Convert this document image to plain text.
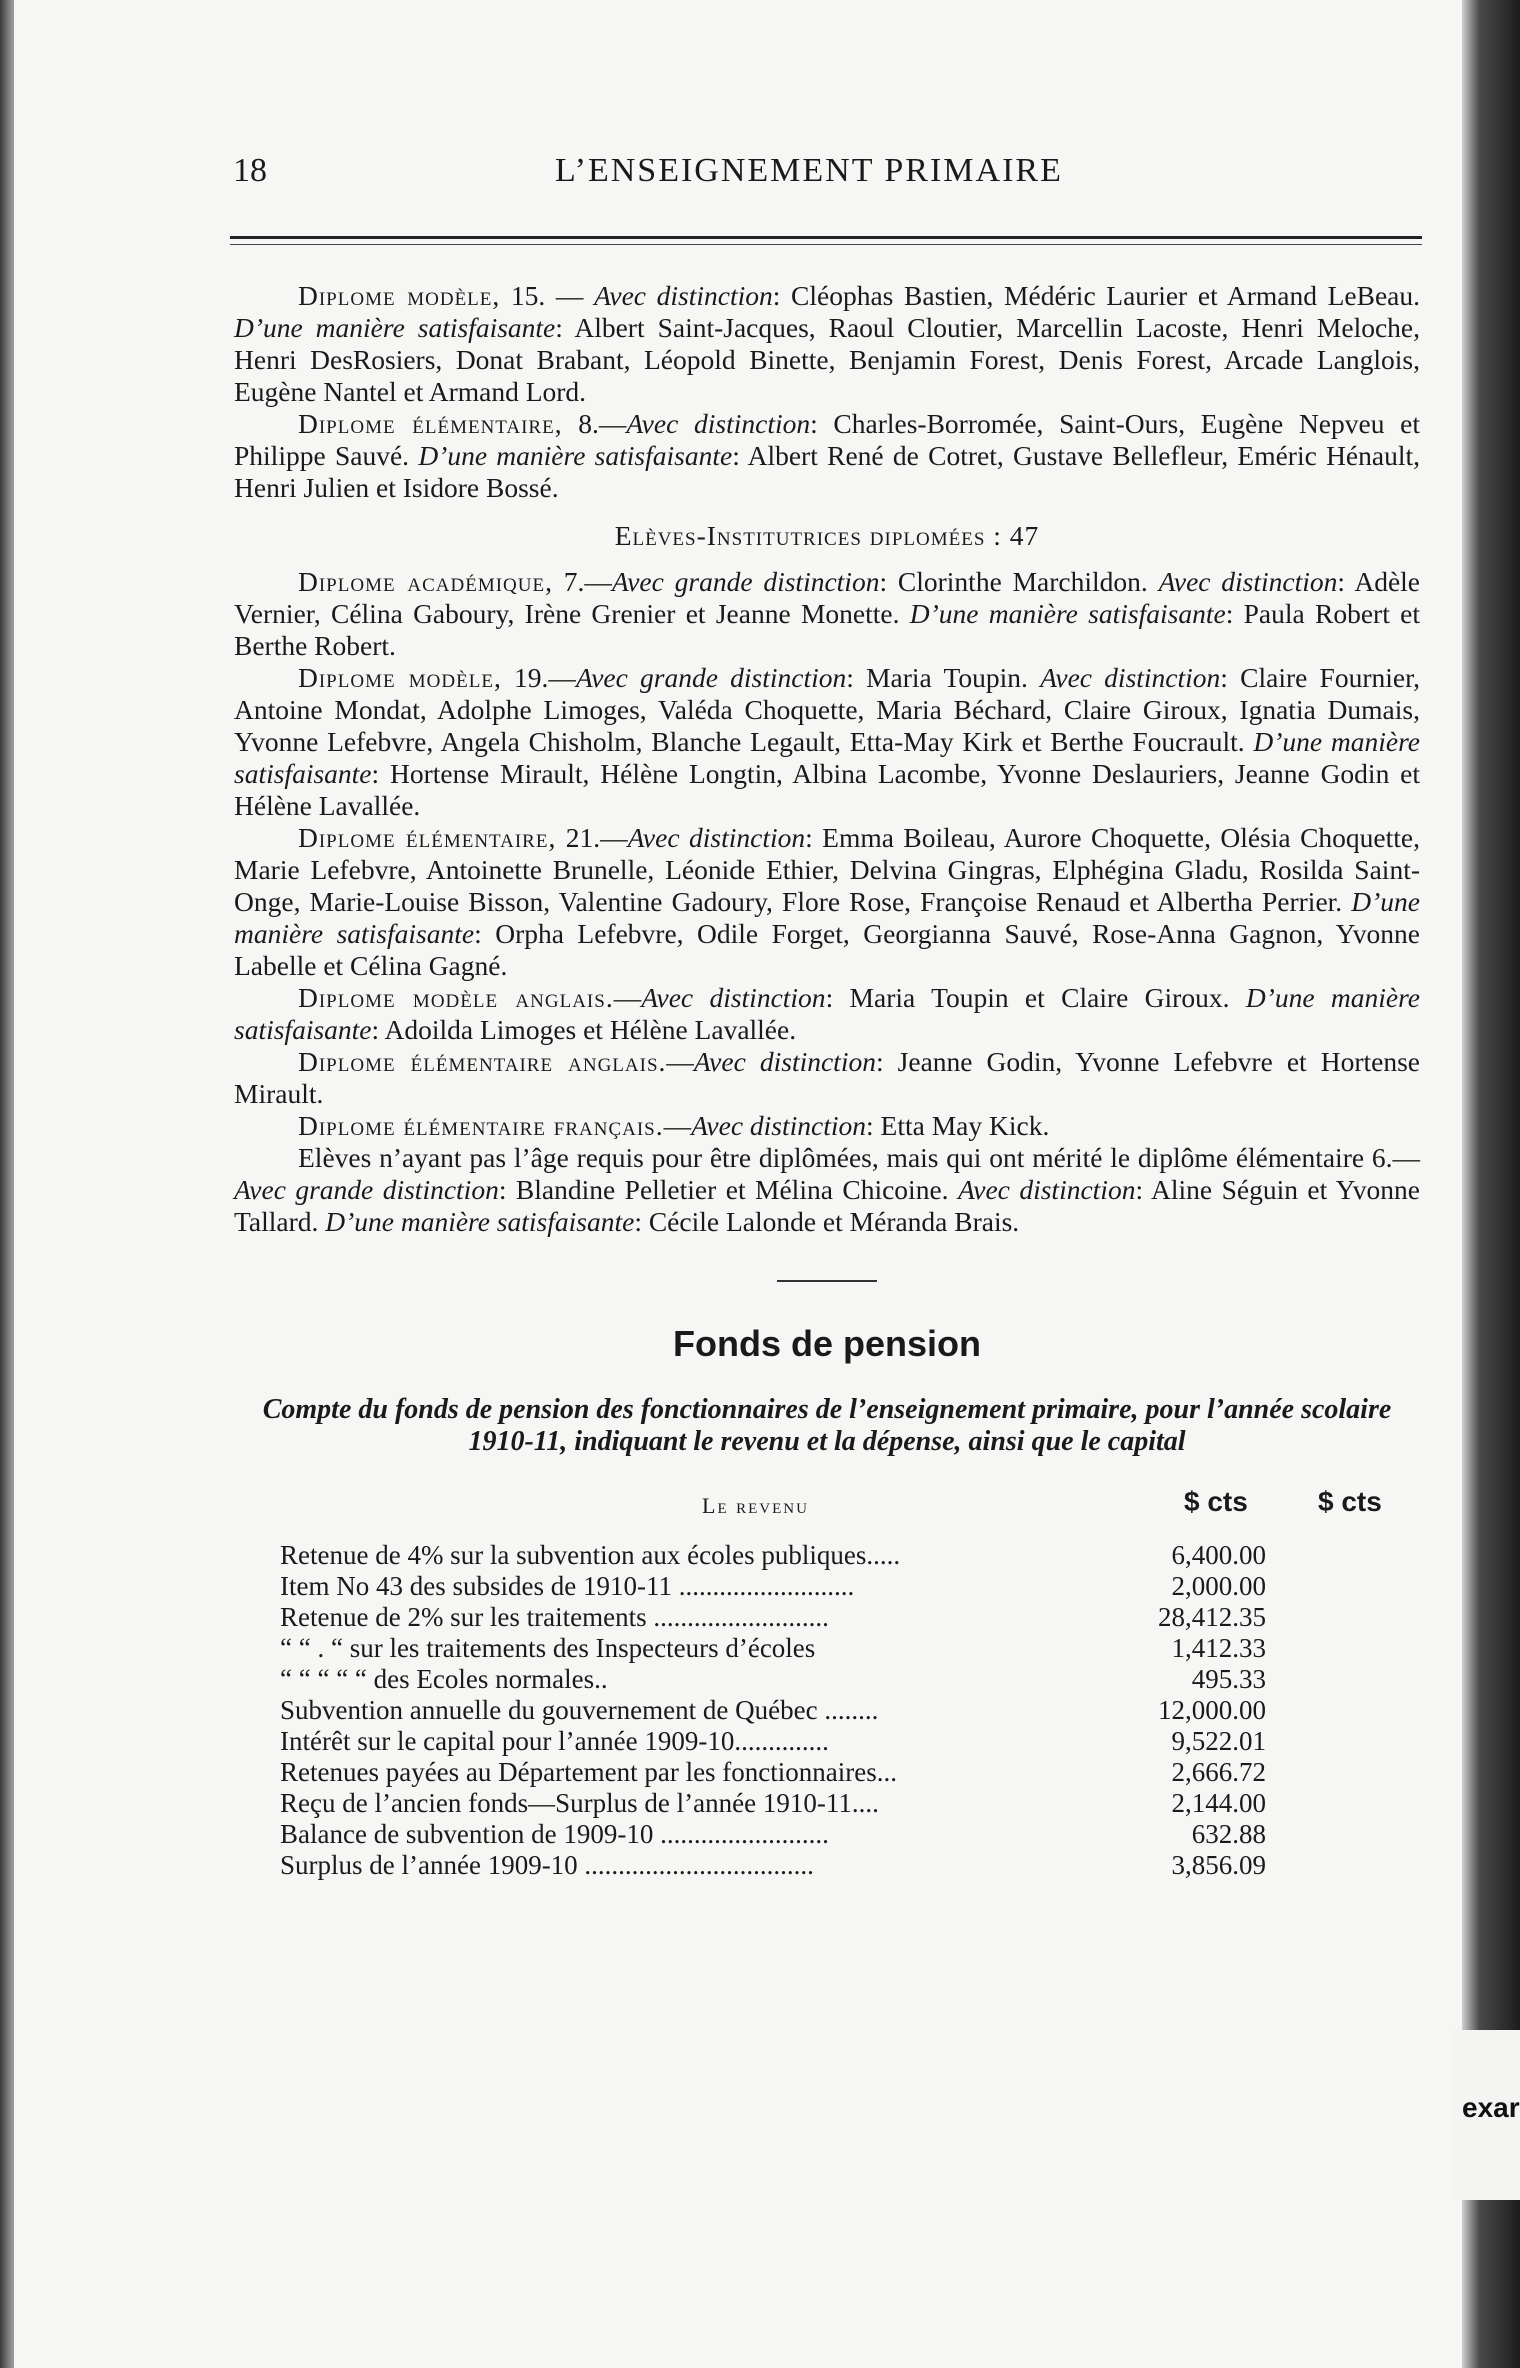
exar
18	L’ENSEIGNEMENT PRIMAIRE

Diplome modèle, 15. — Avec distinction: Cléophas Bastien, Médéric Laurier et Armand LeBeau. D’une manière satisfaisante: Albert Saint-Jacques, Raoul Cloutier, Marcellin Lacoste, Henri Meloche, Henri DesRosiers, Donat Brabant, Léopold Binette, Benjamin Forest, Denis Forest, Arcade Langlois, Eugène Nantel et Armand Lord.

Diplome élémentaire, 8.—Avec distinction: Charles-Borromée, Saint-Ours, Eugène Nepveu et Philippe Sauvé. D’une manière satisfaisante: Albert René de Cotret, Gustave Bellefleur, Eméric Hénault, Henri Julien et Isidore Bossé.

Elèves-Institutrices diplomées : 47

Diplome académique, 7.—Avec grande distinction: Clorinthe Marchildon. Avec distinction: Adèle Vernier, Célina Gaboury, Irène Grenier et Jeanne Monette. D’une manière satisfaisante: Paula Robert et Berthe Robert.

Diplome modèle, 19.—Avec grande distinction: Maria Toupin. Avec distinction: Claire Fournier, Antoine Mondat, Adolphe Limoges, Valéda Choquette, Maria Béchard, Claire Giroux, Ignatia Dumais, Yvonne Lefebvre, Angela Chisholm, Blanche Legault, Etta-May Kirk et Berthe Foucrault. D’une manière satisfaisante: Hortense Mirault, Hélène Longtin, Albina Lacombe, Yvonne Deslauriers, Jeanne Godin et Hélène Lavallée.

Diplome élémentaire, 21.—Avec distinction: Emma Boileau, Aurore Choquette, Olésia Choquette, Marie Lefebvre, Antoinette Brunelle, Léonide Ethier, Delvina Gingras, Elphégina Gladu, Rosilda Saint-Onge, Marie-Louise Bisson, Valentine Gadoury, Flore Rose, Françoise Renaud et Albertha Perrier. D’une manière satisfaisante: Orpha Lefebvre, Odile Forget, Georgianna Sauvé, Rose-Anna Gagnon, Yvonne Labelle et Célina Gagné.

Diplome modèle anglais.—Avec distinction: Maria Toupin et Claire Giroux. D’une manière satisfaisante: Adoilda Limoges et Hélène Lavallée.

Diplome élémentaire anglais.—Avec distinction: Jeanne Godin, Yvonne Lefebvre et Hortense Mirault.

Diplome élémentaire français.—Avec distinction: Etta May Kick.

Elèves n’ayant pas l’âge requis pour être diplômées, mais qui ont mérité le diplôme élémentaire 6.—Avec grande distinction: Blandine Pelletier et Mélina Chicoine. Avec distinction: Aline Séguin et Yvonne Tallard. D’une manière satisfaisante: Cécile Lalonde et Méranda Brais.

Fonds de pension
Compte du fonds de pension des fonctionnaires de l’enseignement primaire, pour l’année scolaire 1910-11, indiquant le revenu et la dépense, ainsi que le capital
Le revenu	$ cts	$ cts
Retenue de 4% sur la subvention aux écoles publiques.....	6,400.00
Item No 43 des subsides de 1910-11 ..........................	2,000.00
Retenue de 2% sur les traitements ..........................	28,412.35
“ “ . “ sur les traitements des Inspecteurs d’écoles	1,412.33
“ “ “ “ “ des Ecoles normales..	495.33
Subvention annuelle du gouvernement de Québec ........	12,000.00
Intérêt sur le capital pour l’année 1909-10..............	9,522.01
Retenues payées au Département par les fonctionnaires...	2,666.72
Reçu de l’ancien fonds—Surplus de l’année 1910-11....	2,144.00
Balance de subvention de 1909-10 .........................	632.88
Surplus de l’année 1909-10 ..................................	3,856.09
